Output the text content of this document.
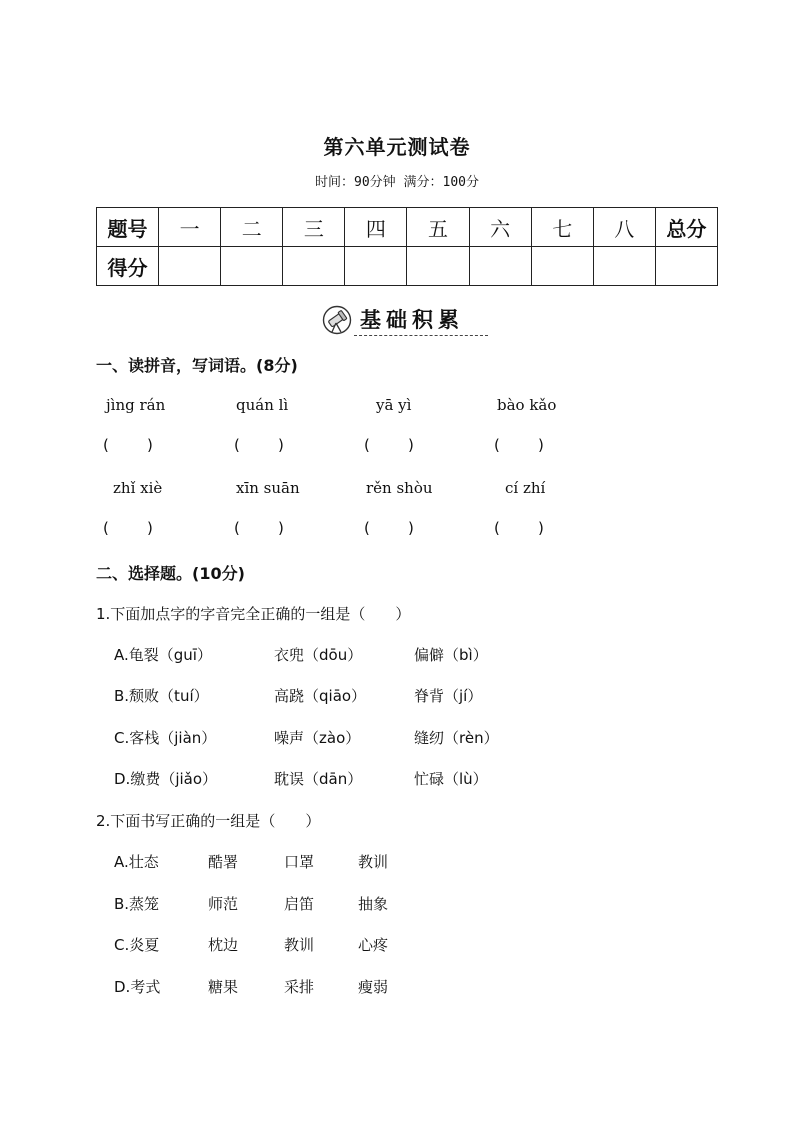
第六单元测试卷
时间：90分钟 满分：100分
题号	一	二	三	四	五	六	七	八	总分
得分									
基础积累
一、读拼音，写词语。(8分)
jìng rán	quán lì	yā yì	bào kǎo
(        )	(        )	(        )	(        )
zhǐ xiè	xīn suān	rěn shòu	cí zhí
(        )	(        )	(        )	(        )
二、选择题。(10分)
1.下面加点字的字音完全正确的一组是（　　）
A.龟裂（guī）	衣兜（dōu）	偏僻（bì）
B.颓败（tuí）	高跷（qiāo）	脊背（jí）
C.客栈（jiàn）	噪声（zào）	缝纫（rèn）
D.缴费（jiǎo）	耽误（dān）	忙碌（lù）
2.下面书写正确的一组是（　　）
A.壮态	酷署	口罩	教训
B.蒸笼	师范	启笛	抽象
C.炎夏	枕边	教训	心疼
D.考式	糖果	采排	瘦弱
